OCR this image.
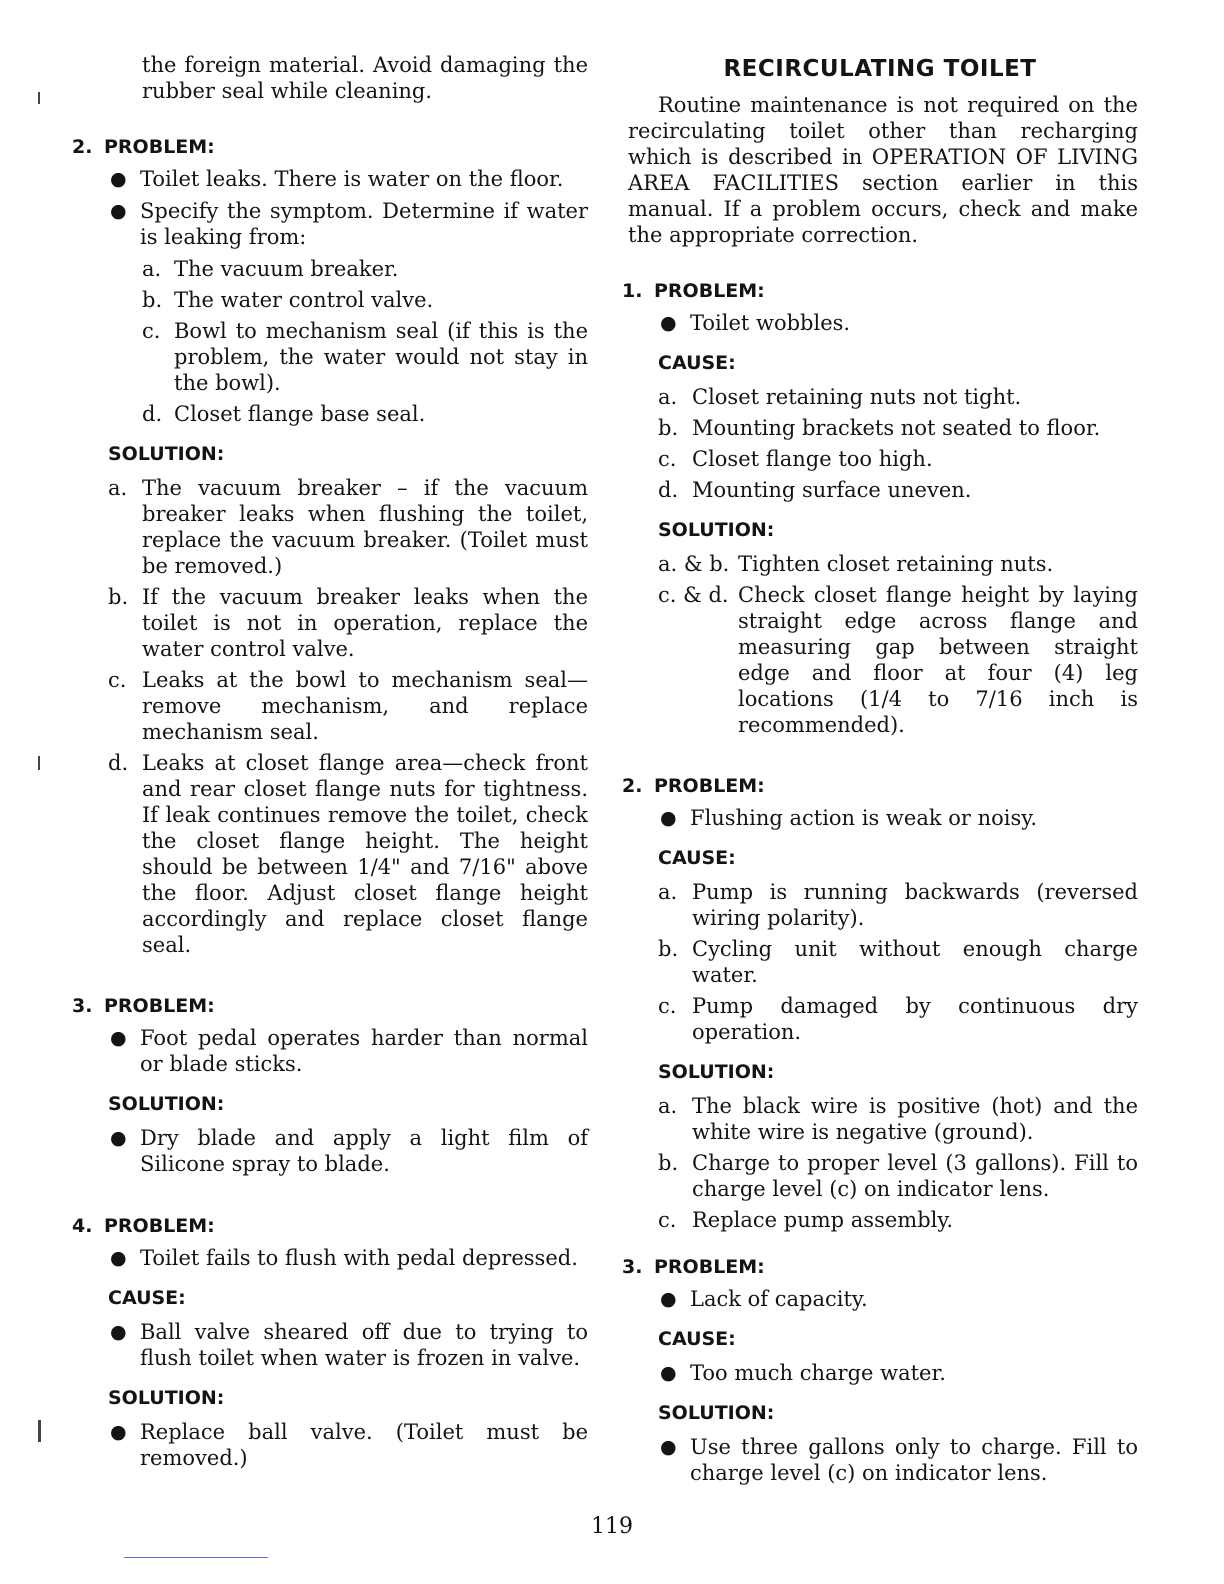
the foreign material. Avoid damaging the rubber seal while cleaning.

2. PROBLEM:

● Toilet leaks. There is water on the floor.
● Specify the symptom. Determine if water is leaking from:
a. The vacuum breaker.
b. The water control valve.
c. Bowl to mechanism seal (if this is the problem, the water would not stay in the bowl).
d. Closet flange base seal.

SOLUTION:

a. The vacuum breaker – if the vacuum breaker leaks when flushing the toilet, replace the vacuum breaker. (Toilet must be removed.)
b. If the vacuum breaker leaks when the toilet is not in operation, replace the water control valve.
c. Leaks at the bowl to mechanism seal—remove mechanism, and replace mechanism seal.
d. Leaks at closet flange area—check front and rear closet flange nuts for tightness. If leak continues remove the toilet, check the closet flange height. The height should be between 1/4" and 7/16" above the floor. Adjust closet flange height accordingly and replace closet flange seal.

3. PROBLEM:

● Foot pedal operates harder than normal or blade sticks.

SOLUTION:

● Dry blade and apply a light film of Silicone spray to blade.

4. PROBLEM:

● Toilet fails to flush with pedal depressed.

CAUSE:

● Ball valve sheared off due to trying to flush toilet when water is frozen in valve.

SOLUTION:

● Replace ball valve. (Toilet must be removed.)

RECIRCULATING TOILET

Routine maintenance is not required on the recirculating toilet other than recharging which is described in OPERATION OF LIVING AREA FACILITIES section earlier in this manual. If a problem occurs, check and make the appropriate correction.

1. PROBLEM:

● Toilet wobbles.

CAUSE:

a. Closet retaining nuts not tight.
b. Mounting brackets not seated to floor.
c. Closet flange too high.
d. Mounting surface uneven.

SOLUTION:

a. & b. Tighten closet retaining nuts.
c. & d. Check closet flange height by laying straight edge across flange and measuring gap between straight edge and floor at four (4) leg locations (1/4 to 7/16 inch is recommended).

2. PROBLEM:

● Flushing action is weak or noisy.

CAUSE:

a. Pump is running backwards (reversed wiring polarity).
b. Cycling unit without enough charge water.
c. Pump damaged by continuous dry operation.

SOLUTION:

a. The black wire is positive (hot) and the white wire is negative (ground).
b. Charge to proper level (3 gallons). Fill to charge level (c) on indicator lens.
c. Replace pump assembly.

3. PROBLEM:

● Lack of capacity.

CAUSE:

● Too much charge water.

SOLUTION:

● Use three gallons only to charge. Fill to charge level (c) on indicator lens.
119
